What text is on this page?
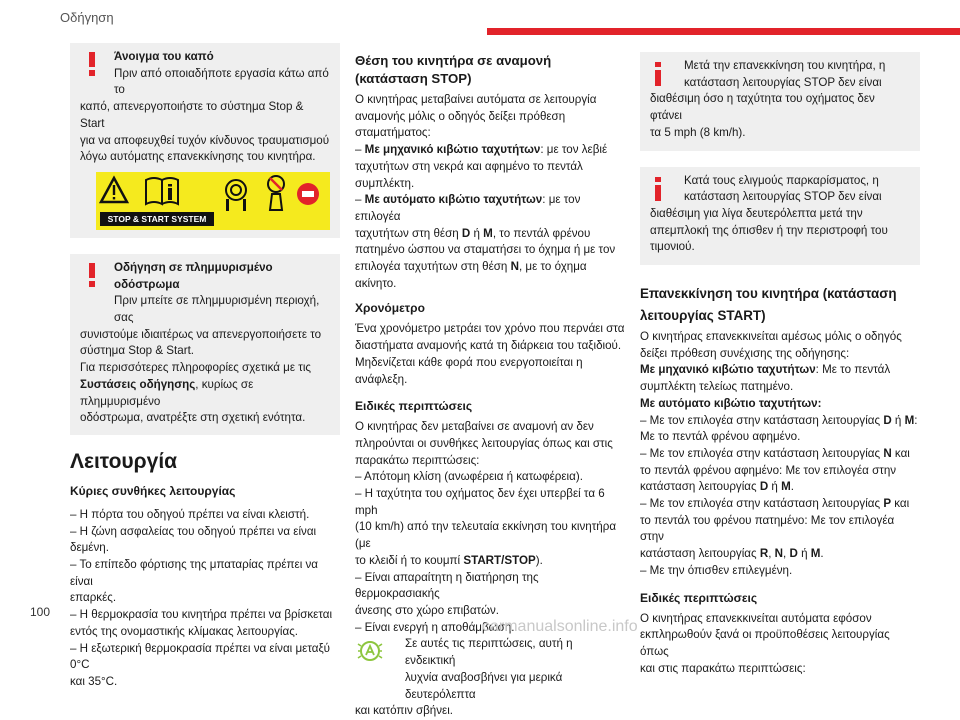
Οδήγηση
Άνοιγμα του καπό

Πριν από οποιαδήποτε εργασία κάτω από το

καπό, απενεργοποιήστε το σύστημα Stop & Start

για να αποφευχθεί τυχόν κίνδυνος τραυματισμού

λόγω αυτόματης επανεκκίνησης του κινητήρα.

STOP & START SYSTEM
Οδήγηση σε πλημμυρισμένο οδόστρωμα

Πριν μπείτε σε πλημμυρισμένη περιοχή, σας

συνιστούμε ιδιαιτέρως να απενεργοποιήσετε το

σύστημα Stop & Start.

Για περισσότερες πληροφορίες σχετικά με τις

Συστάσεις οδήγησης, κυρίως σε πλημμυρισμένο

οδόστρωμα, ανατρέξτε στη σχετική ενότητα.

Λειτουργία
Κύριες συνθήκες λειτουργίας

– Η πόρτα του οδηγού πρέπει να είναι κλειστή.

– Η ζώνη ασφαλείας του οδηγού πρέπει να είναι

δεμένη.

– Το επίπεδο φόρτισης της μπαταρίας πρέπει να είναι

επαρκές.

– Η θερμοκρασία του κινητήρα πρέπει να βρίσκεται

εντός της ονομαστικής κλίμακας λειτουργίας.

– Η εξωτερική θερμοκρασία πρέπει να είναι μεταξύ 0°C

και 35°C.

Θέση του κινητήρα σε αναμονή
(κατάσταση STOP)

Ο κινητήρας μεταβαίνει αυτόματα σε λειτουργία

αναμονής μόλις ο οδηγός δείξει πρόθεση

σταματήματος:

– Με μηχανικό κιβώτιο ταχυτήτων: με τον λεβιέ

ταχυτήτων στη νεκρά και αφημένο το πεντάλ

συμπλέκτη.

– Με αυτόματο κιβώτιο ταχυτήτων: με τον επιλογέα

ταχυτήτων στη θέση D ή M, το πεντάλ φρένου

πατημένο ώσπου να σταματήσει το όχημα ή με τον

επιλογέα ταχυτήτων στη θέση N, με το όχημα ακίνητο.

Χρονόμετρο

Ένα χρονόμετρο μετράει τον χρόνο που περνάει στα

διαστήματα αναμονής κατά τη διάρκεια του ταξιδιού.

Μηδενίζεται κάθε φορά που ενεργοποιείται η ανάφλεξη.

Ειδικές περιπτώσεις

Ο κινητήρας δεν μεταβαίνει σε αναμονή αν δεν

πληρούνται οι συνθήκες λειτουργίας όπως και στις

παρακάτω περιπτώσεις:

– Απότομη κλίση (ανωφέρεια ή κατωφέρεια).

– Η ταχύτητα του οχήματος δεν έχει υπερβεί τα 6 mph

(10 km/h) από την τελευταία εκκίνηση του κινητήρα (με

το κλειδί ή το κουμπί START/STOP).

– Είναι απαραίτητη η διατήρηση της θερμοκρασιακής

άνεσης στο χώρο επιβατών.

– Είναι ενεργή η αποθάμβωση.

Σε αυτές τις περιπτώσεις, αυτή η ενδεικτική

λυχνία αναβοσβήνει για μερικά δευτερόλεπτα

και κατόπιν σβήνει.

Μετά την επανεκκίνηση του κινητήρα, η

κατάσταση λειτουργίας STOP δεν είναι

διαθέσιμη όσο η ταχύτητα του οχήματος δεν φτάνει

τα 5 mph (8 km/h).

Κατά τους ελιγμούς παρκαρίσματος, η

κατάσταση λειτουργίας STOP δεν είναι

διαθέσιμη για λίγα δευτερόλεπτα μετά την

απεμπλοκή της όπισθεν ή την περιστροφή του

τιμονιού.

Επανεκκίνηση του κινητήρα (κατάσταση
λειτουργίας START)

Ο κινητήρας επανεκκινείται αμέσως μόλις ο οδηγός

δείξει πρόθεση συνέχισης της οδήγησης:

Με μηχανικό κιβώτιο ταχυτήτων: Με το πεντάλ

συμπλέκτη τελείως πατημένο.

Με αυτόματο κιβώτιο ταχυτήτων:

– Με τον επιλογέα στην κατάσταση λειτουργίας D ή M:

Με το πεντάλ φρένου αφημένο.

– Με τον επιλογέα στην κατάσταση λειτουργίας N και

το πεντάλ φρένου αφημένο: Με τον επιλογέα στην

κατάσταση λειτουργίας D ή M.

– Με τον επιλογέα στην κατάσταση λειτουργίας P και

το πεντάλ του φρένου πατημένο: Με τον επιλογέα στην

κατάσταση λειτουργίας R, N, D ή M.

– Με την όπισθεν επιλεγμένη.

Ειδικές περιπτώσεις

Ο κινητήρας επανεκκινείται αυτόματα εφόσον

εκπληρωθούν ξανά οι προϋποθέσεις λειτουργίας όπως

και στις παρακάτω περιπτώσεις:

100
carmanualsonline.info
